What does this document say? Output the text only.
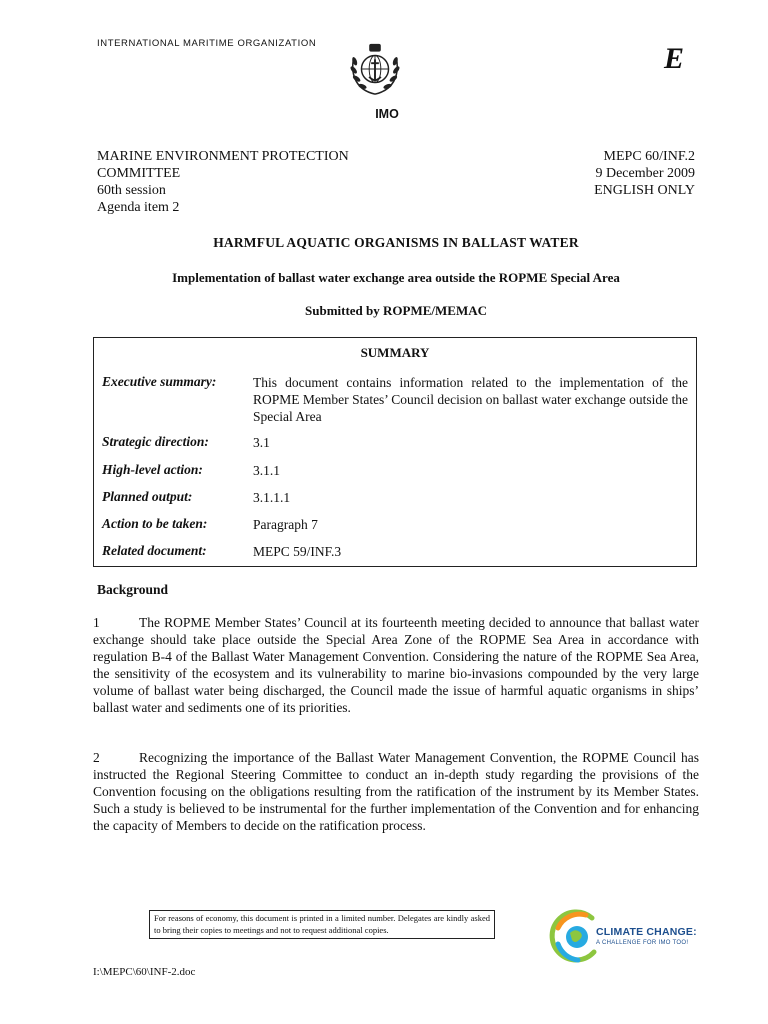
INTERNATIONAL MARITIME ORGANIZATION	E
IMO
MARINE ENVIRONMENT PROTECTION
COMMITTEE
60th session
Agenda item 2
MEPC 60/INF.2
9 December 2009
ENGLISH ONLY
HARMFUL AQUATIC ORGANISMS IN BALLAST WATER
Implementation of ballast water exchange area outside the ROPME Special Area
Submitted by ROPME/MEMAC
SUMMARY
Executive summary:	This document contains information related to the implementation of the ROPME Member States’ Council decision on ballast water exchange outside the Special Area
Strategic direction:	3.1
High-level action:	3.1.1
Planned output:	3.1.1.1
Action to be taken:	Paragraph 7
Related document:	MEPC 59/INF.3
Background
1	The ROPME Member States’ Council at its fourteenth meeting decided to announce that ballast water exchange should take place outside the Special Area Zone of the ROPME Sea Area in accordance with regulation B-4 of the Ballast Water Management Convention. Considering the nature of the ROPME Sea Area, the sensitivity of the ecosystem and its vulnerability to marine bio-invasions compounded by the very large volume of ballast water being discharged, the Council made the issue of harmful aquatic organisms in ships’ ballast water and sediments one of its priorities.
2	Recognizing the importance of the Ballast Water Management Convention, the ROPME Council has instructed the Regional Steering Committee to conduct an in-depth study regarding the provisions of the Convention focusing on the obligations resulting from the ratification of the instrument by its Member States. Such a study is believed to be instrumental for the further implementation of the Convention and for enhancing the capacity of Members to decide on the ratification process.
For reasons of economy, this document is printed in a limited number. Delegates are kindly asked to bring their copies to meetings and not to request additional copies.	CLIMATE CHANGE:
A CHALLENGE FOR IMO TOO!
I:\MEPC\60\INF-2.doc
